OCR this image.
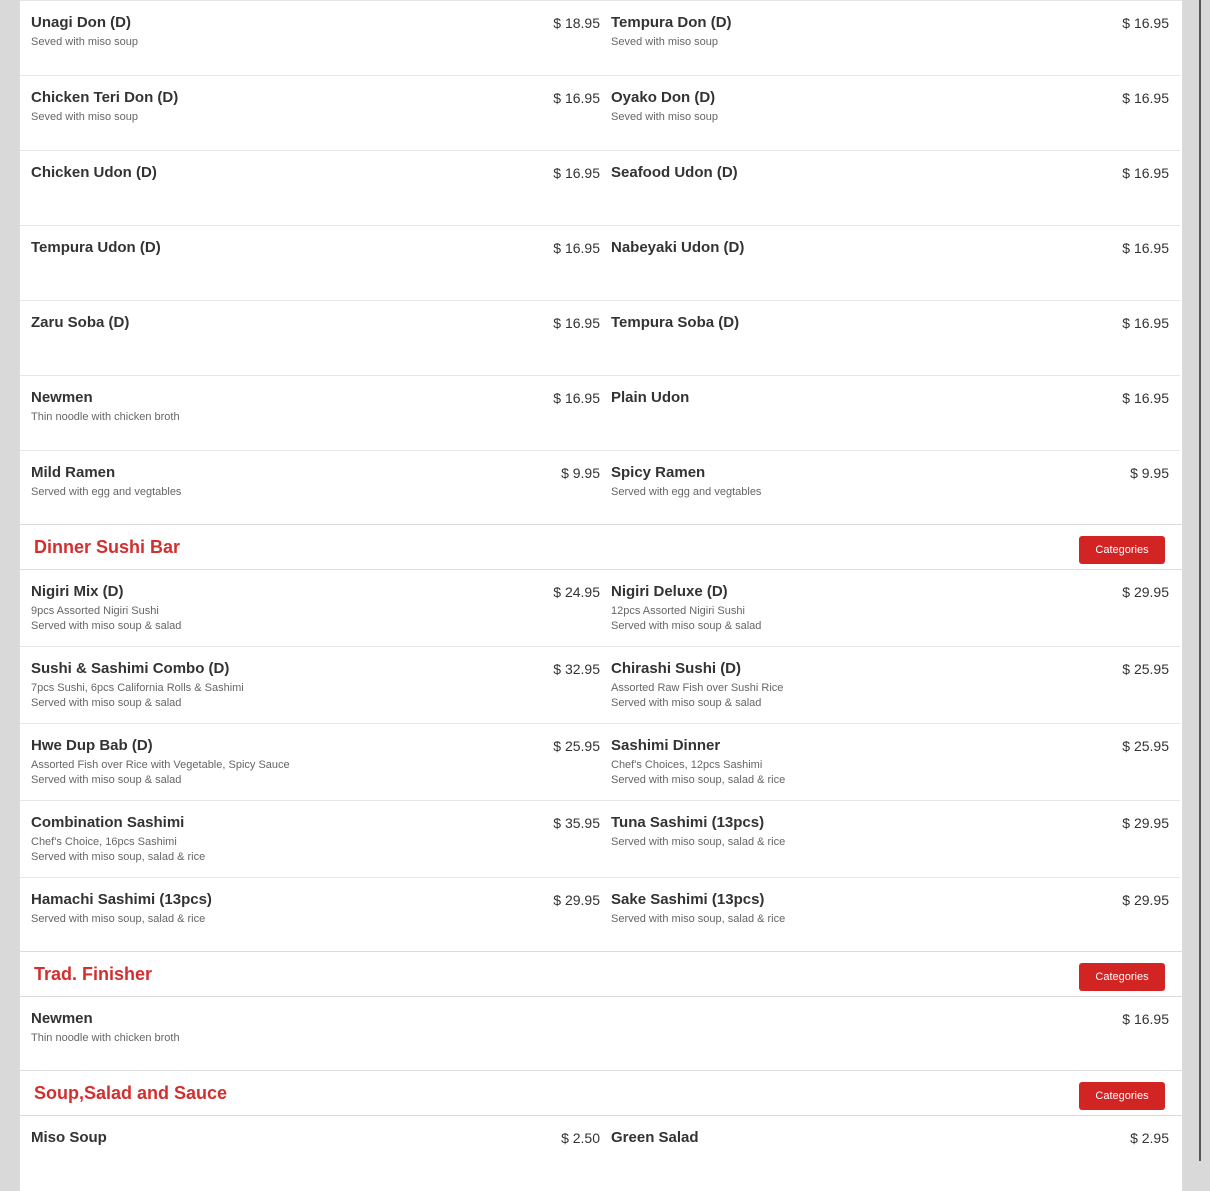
Unagi Don (D)	$ 18.95
Seved with miso soup
Tempura Don (D)	$ 16.95
Seved with miso soup
Chicken Teri Don (D)	$ 16.95
Seved with miso soup
Oyako Don (D)	$ 16.95
Seved with miso soup
Chicken Udon (D)	$ 16.95 Seafood Udon (D)	$ 16.95
Tempura Udon (D)	$ 16.95 Nabeyaki Udon (D)	$ 16.95
Zaru Soba (D)	$ 16.95 Tempura Soba (D)	$ 16.95
Newmen	$ 16.95
Thin noodle with chicken broth
Plain Udon	$ 16.95
Mild Ramen	$ 9.95
Served with egg and vegtables
Spicy Ramen	$ 9.95
Served with egg and vegtables
Dinner Sushi Bar	Categories
Nigiri Mix (D)	$ 24.95
9pcs Assorted Nigiri Sushi
Served with miso soup & salad
Nigiri Deluxe (D)	$ 29.95
12pcs Assorted Nigiri Sushi
Served with miso soup & salad
Sushi & Sashimi Combo (D)	$ 32.95
7pcs Sushi, 6pcs California Rolls & Sashimi
Served with miso soup & salad
Chirashi Sushi (D)	$ 25.95
Assorted Raw Fish over Sushi Rice
Served with miso soup & salad
Hwe Dup Bab (D)	$ 25.95
Assorted Fish over Rice with Vegetable, Spicy Sauce
Served with miso soup & salad
Sashimi Dinner	$ 25.95
Chef's Choices, 12pcs Sashimi
Served with miso soup, salad & rice
Combination Sashimi	$ 35.95
Chef's Choice, 16pcs Sashimi
Served with miso soup, salad & rice
Tuna Sashimi (13pcs)	$ 29.95
Served with miso soup, salad & rice
Hamachi Sashimi (13pcs)	$ 29.95
Served with miso soup, salad & rice
Sake Sashimi (13pcs)	$ 29.95
Served with miso soup, salad & rice
Trad. Finisher	Categories
Newmen	$ 16.95
Thin noodle with chicken broth
Soup,Salad and Sauce	Categories
Miso Soup	$ 2.50 Green Salad	$ 2.95
